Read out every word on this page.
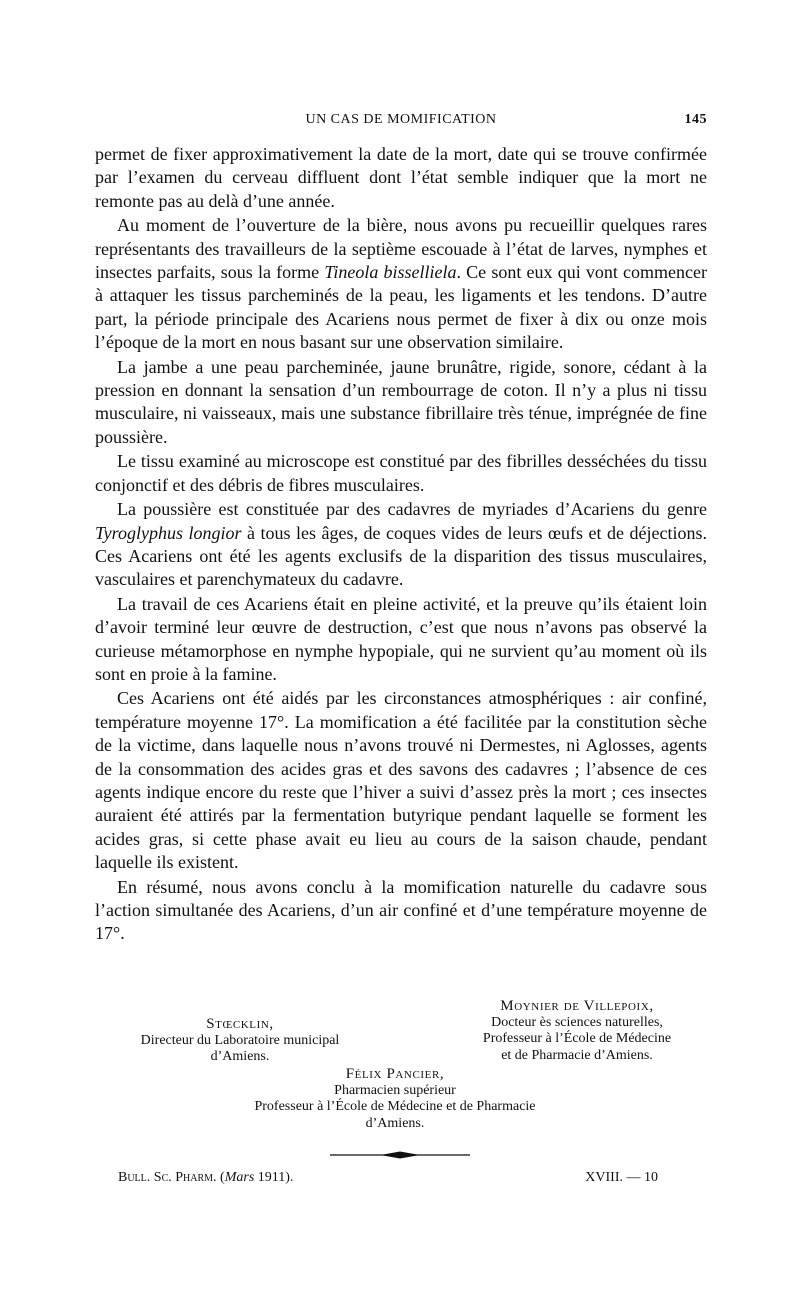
UN CAS DE MOMIFICATION	145

permet de fixer approximativement la date de la mort, date qui se trouve confirmée par l’examen du cerveau diffluent dont l’état semble indiquer que la mort ne remonte pas au delà d’une année.

Au moment de l’ouverture de la bière, nous avons pu recueillir quelques rares représentants des travailleurs de la septième escouade à l’état de larves, nymphes et insectes parfaits, sous la forme Tineola bisselliela. Ce sont eux qui vont commencer à attaquer les tissus parcheminés de la peau, les ligaments et les tendons. D’autre part, la période principale des Acariens nous permet de fixer à dix ou onze mois l’époque de la mort en nous basant sur une observation similaire.

La jambe a une peau parcheminée, jaune brunâtre, rigide, sonore, cédant à la pression en donnant la sensation d’un rembourrage de coton. Il n’y a plus ni tissu musculaire, ni vaisseaux, mais une substance fibrillaire très ténue, imprégnée de fine poussière.

Le tissu examiné au microscope est constitué par des fibrilles desséchées du tissu conjonctif et des débris de fibres musculaires.

La poussière est constituée par des cadavres de myriades d’Acariens du genre Tyroglyphus longior à tous les âges, de coques vides de leurs œufs et de déjections. Ces Acariens ont été les agents exclusifs de la disparition des tissus musculaires, vasculaires et parenchymateux du cadavre.

La travail de ces Acariens était en pleine activité, et la preuve qu’ils étaient loin d’avoir terminé leur œuvre de destruction, c’est que nous n’avons pas observé la curieuse métamorphose en nymphe hypopiale, qui ne survient qu’au moment où ils sont en proie à la famine.

Ces Acariens ont été aidés par les circonstances atmosphériques : air confiné, température moyenne 17°. La momification a été facilitée par la constitution sèche de la victime, dans laquelle nous n’avons trouvé ni Dermestes, ni Aglosses, agents de la consommation des acides gras et des savons des cadavres ; l’absence de ces agents indique encore du reste que l’hiver a suivi d’assez près la mort ; ces insectes auraient été attirés par la fermentation butyrique pendant laquelle se forment les acides gras, si cette phase avait eu lieu au cours de la saison chaude, pendant laquelle ils existent.

En résumé, nous avons conclu à la momification naturelle du cadavre sous l’action simultanée des Acariens, d’un air confiné et d’une température moyenne de 17°.

Moynier de Villepoix,
Docteur ès sciences naturelles,
Professeur à l’École de Médecine
et de Pharmacie d’Amiens.
Stœcklin,
Directeur du Laboratoire municipal
d’Amiens.
Félix Pancier,
Pharmacien supérieur
Professeur à l’École de Médecine et de Pharmacie
d’Amiens.
Bull. Sc. Pharm. (Mars 1911).	XVIII. — 10
